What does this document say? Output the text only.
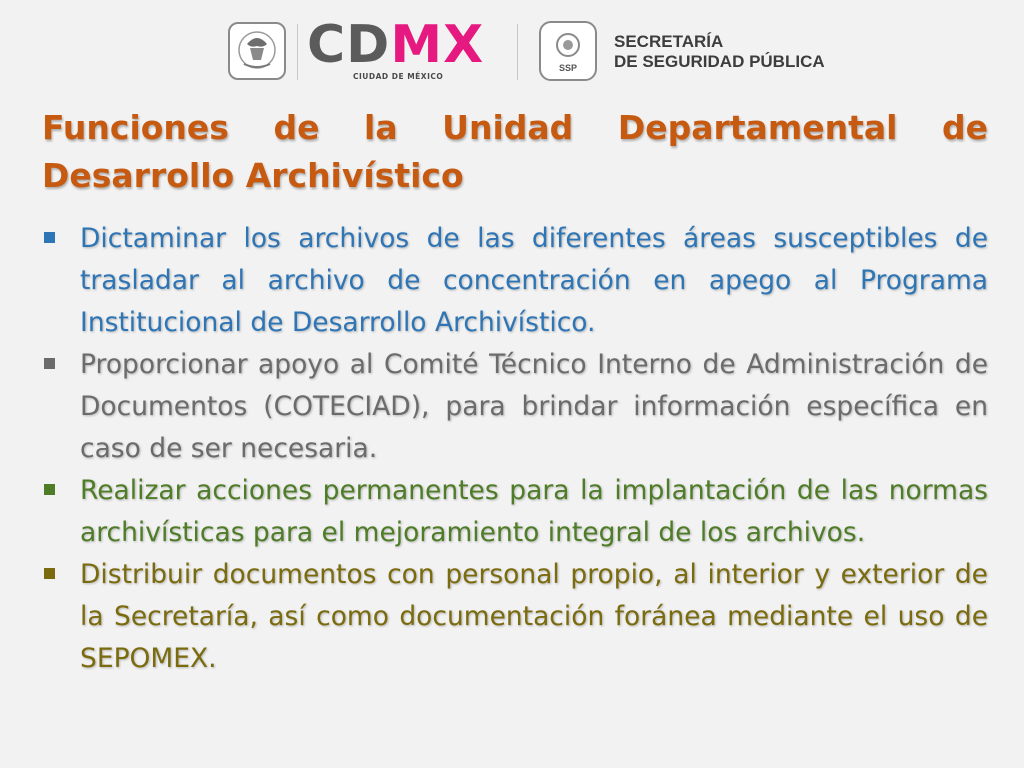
CDMX
CIUDAD DE MÉXICO
SSP
SECRETARÍA
DE SEGURIDAD PÚBLICA
Funciones de la Unidad Departamental de Desarrollo Archivístico
Dictaminar los archivos de las diferentes áreas susceptibles de trasladar al archivo de concentración en apego al Programa Institucional de Desarrollo Archivístico.
Proporcionar apoyo al Comité Técnico Interno de Administración de Documentos (COTECIAD), para brindar información específica en caso de ser necesaria.
Realizar acciones permanentes para la implantación de las normas archivísticas para el mejoramiento integral de los archivos.
Distribuir documentos con personal propio, al interior y exterior de la Secretaría, así como documentación foránea mediante el uso de SEPOMEX.
